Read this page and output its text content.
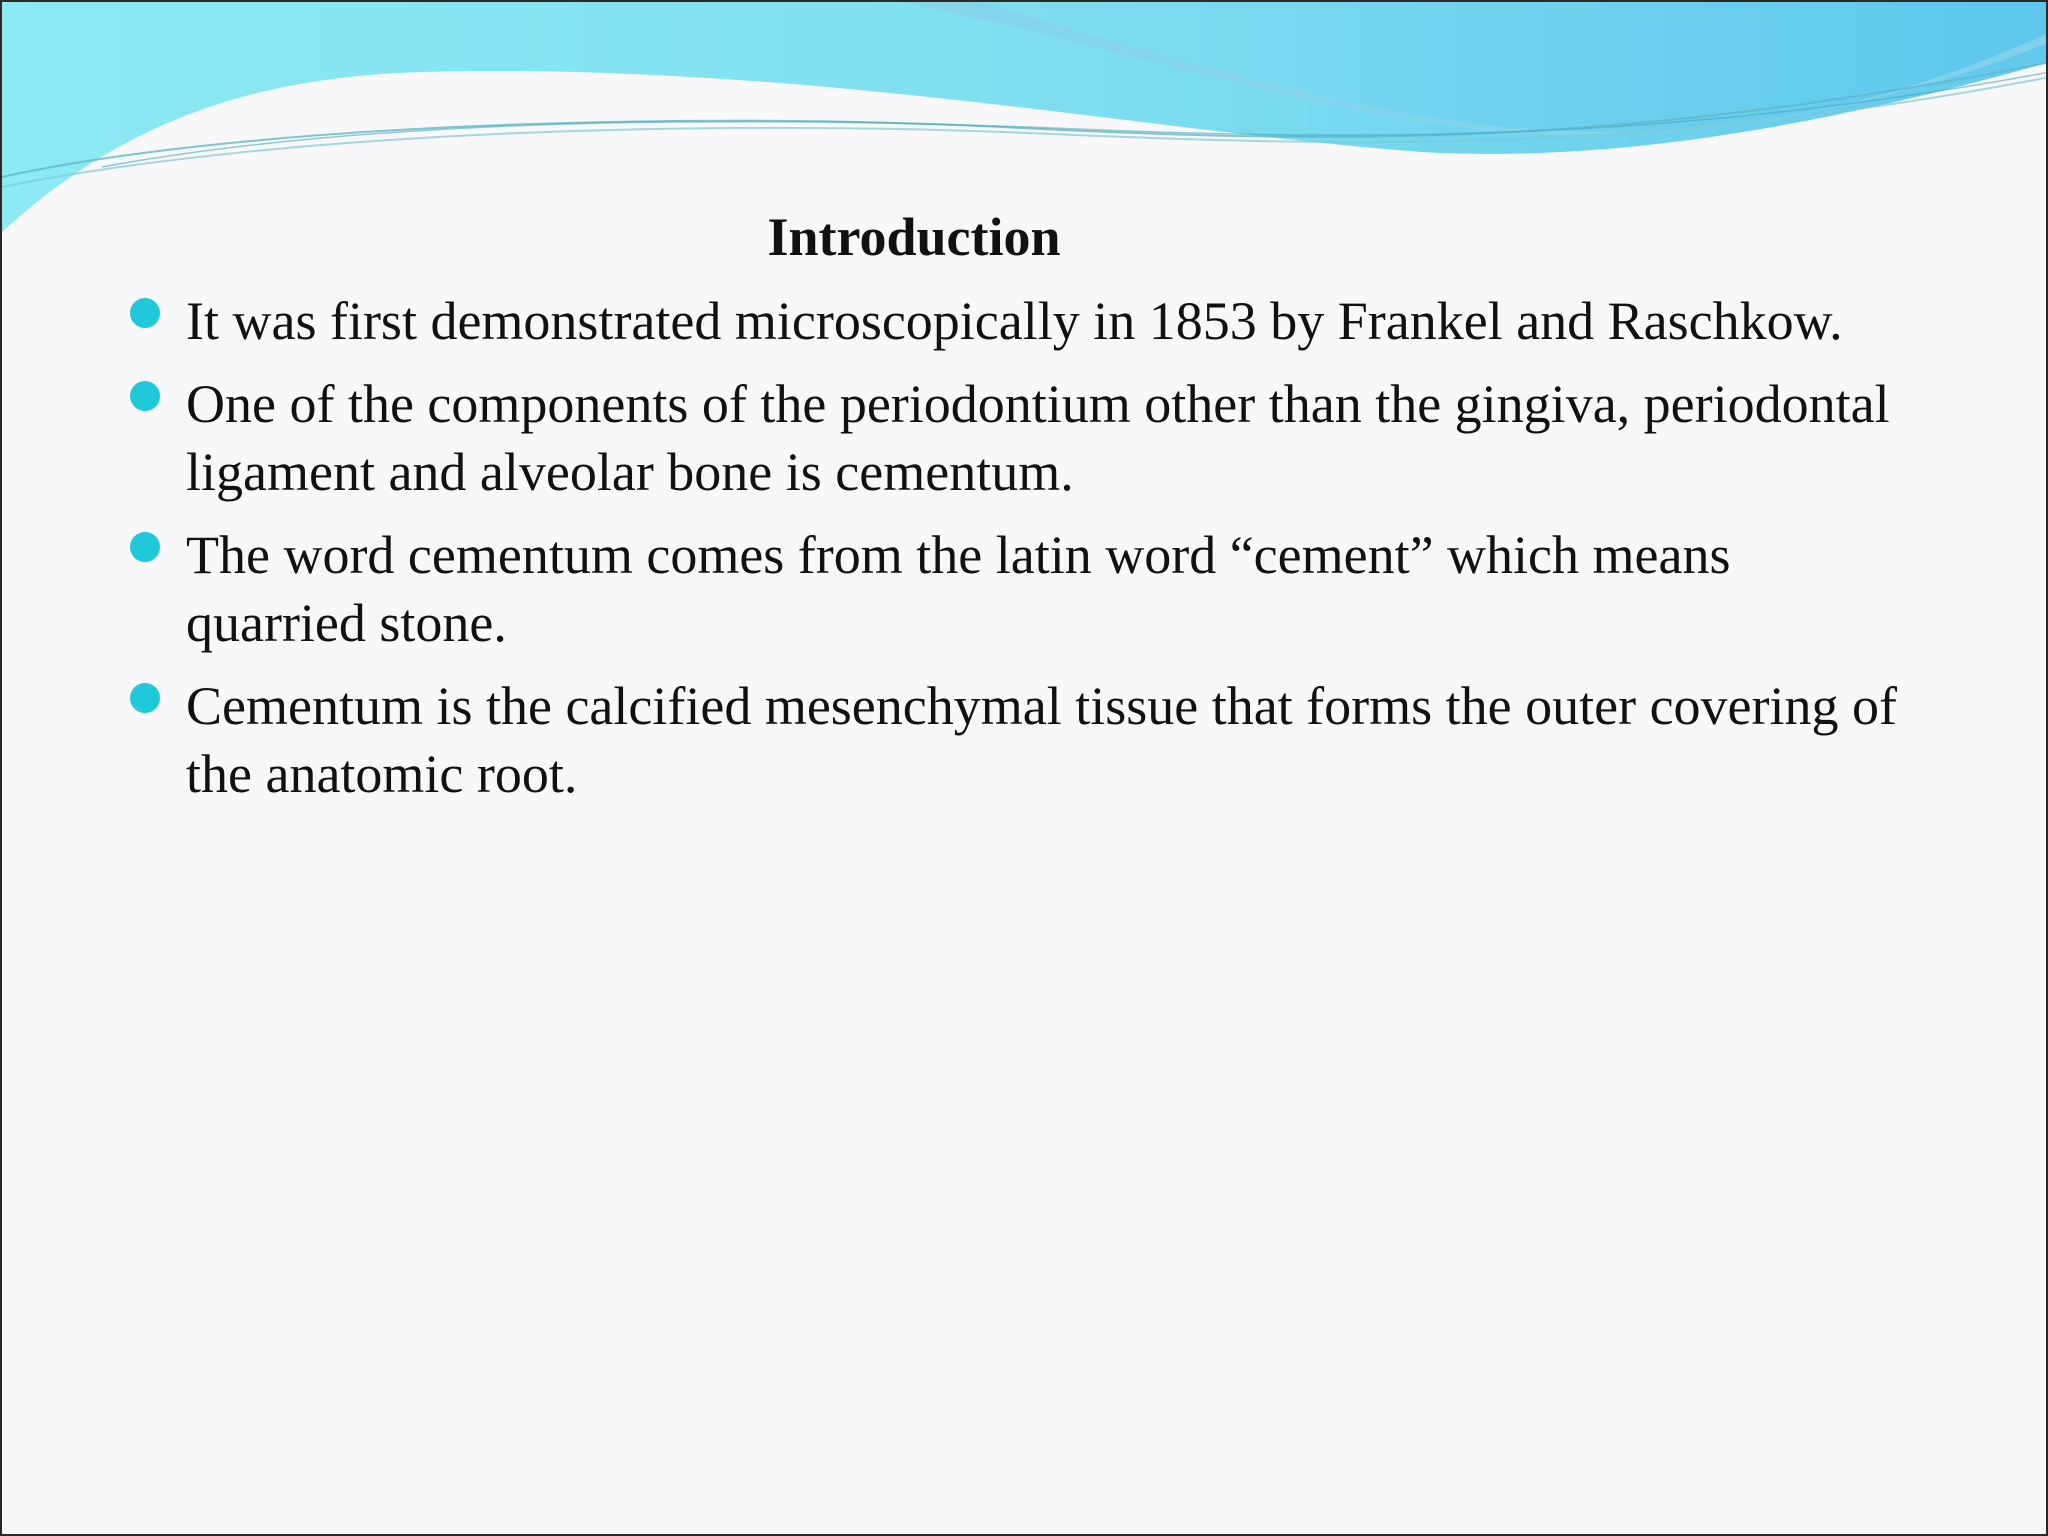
Introduction
It was first demonstrated microscopically in 1853 by Frankel and Raschkow.
One of the components of the periodontium other than the gingiva, periodontal ligament and alveolar bone is cementum.
The word cementum comes from the latin word “cement” which means quarried stone.
Cementum is the calcified mesenchymal tissue that forms the outer covering of the anatomic root.
